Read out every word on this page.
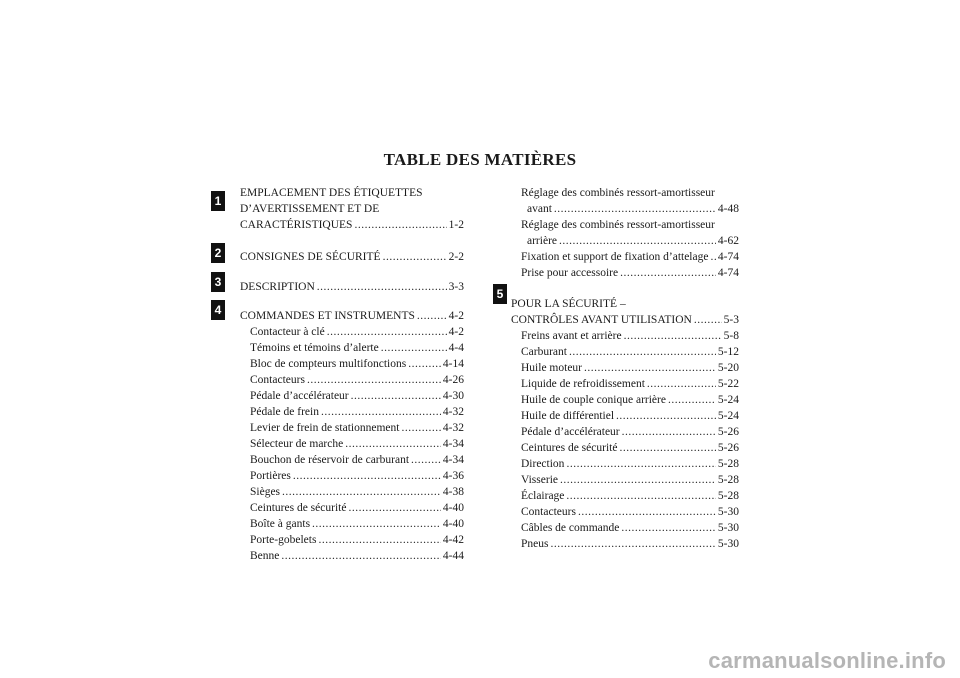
TABLE DES MATIÈRES
1
2
3
4
5
EMPLACEMENT DES ÉTIQUETTES
D’AVERTISSEMENT ET DE
CARACTÉRISTIQUES .....	1-2
CONSIGNES DE SÉCURITÉ .....	2-2
DESCRIPTION .....	3-3
COMMANDES ET INSTRUMENTS .....	4-2
Contacteur à clé .....	4-2
Témoins et témoins d’alerte .....	4-4
Bloc de compteurs multifonctions .....	4-14
Contacteurs .....	4-26
Pédale d’accélérateur .....	4-30
Pédale de frein .....	4-32
Levier de frein de stationnement .....	4-32
Sélecteur de marche .....	4-34
Bouchon de réservoir de carburant .....	4-34
Portières .....	4-36
Sièges .....	4-38
Ceintures de sécurité .....	4-40
Boîte à gants .....	4-40
Porte-gobelets .....	4-42
Benne .....	4-44
Réglage des combinés ressort-amortisseur
avant .....	4-48
Réglage des combinés ressort-amortisseur
arrière .....	4-62
Fixation et support de fixation d’attelage ..... 4-74
Prise pour accessoire .....	4-74
POUR LA SÉCURITÉ –
CONTRÔLES AVANT UTILISATION .....	5-3
Freins avant et arrière .....	5-8
Carburant .....	5-12
Huile moteur .....	5-20
Liquide de refroidissement .....	5-22
Huile de couple conique arrière .....	5-24
Huile de différentiel .....	5-24
Pédale d’accélérateur .....	5-26
Ceintures de sécurité .....	5-26
Direction .....	5-28
Visserie .....	5-28
Éclairage .....	5-28
Contacteurs .....	5-30
Câbles de commande .....	5-30
Pneus .....	5-30
carmanualsonline.info
